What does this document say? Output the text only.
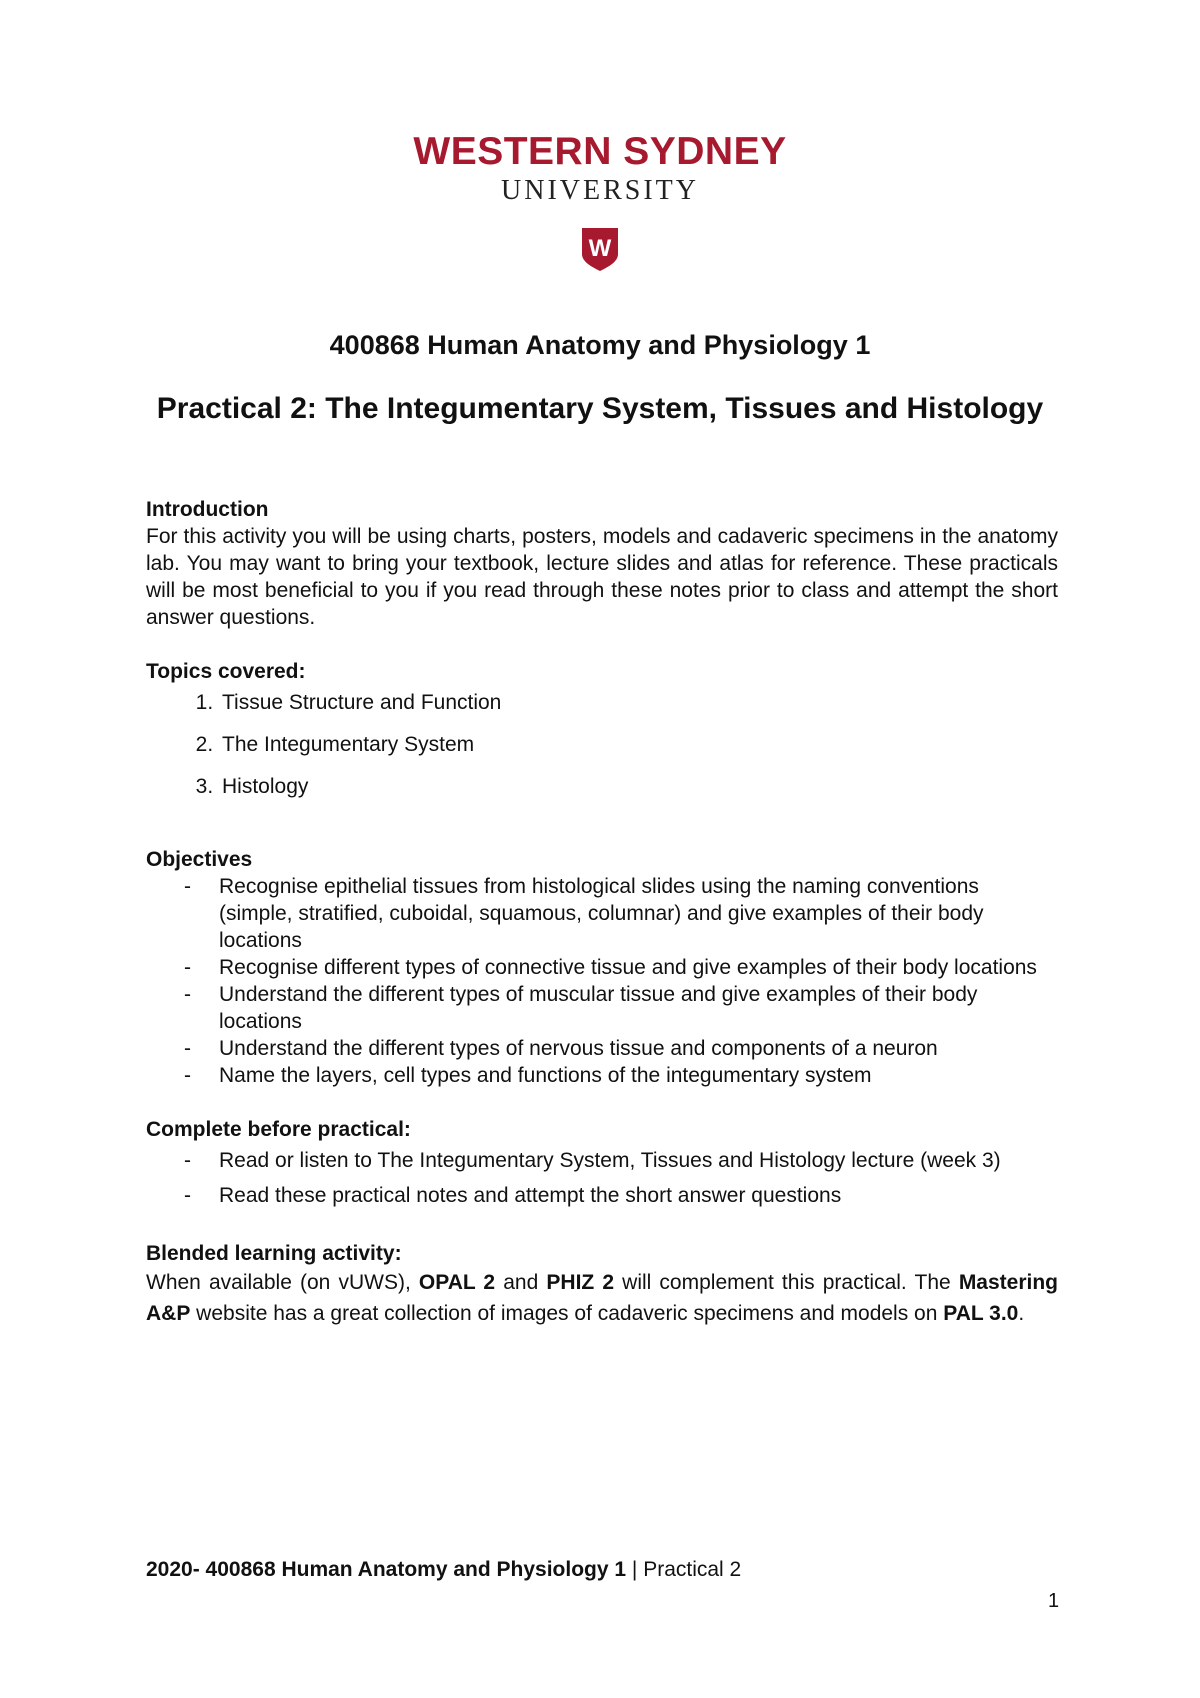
WESTERN SYDNEY
UNIVERSITY
W
400868 Human Anatomy and Physiology 1
Practical 2: The Integumentary System, Tissues and Histology
Introduction
For this activity you will be using charts, posters, models and cadaveric specimens in the anatomy lab. You may want to bring your textbook, lecture slides and atlas for reference. These practicals will be most beneficial to you if you read through these notes prior to class and attempt the short answer questions.
Topics covered:
1. Tissue Structure and Function
2. The Integumentary System
3. Histology
Objectives
- Recognise epithelial tissues from histological slides using the naming conventions (simple, stratified, cuboidal, squamous, columnar) and give examples of their body locations
- Recognise different types of connective tissue and give examples of their body locations
- Understand the different types of muscular tissue and give examples of their body locations
- Understand the different types of nervous tissue and components of a neuron
- Name the layers, cell types and functions of the integumentary system
Complete before practical:
- Read or listen to The Integumentary System, Tissues and Histology lecture (week 3)
- Read these practical notes and attempt the short answer questions
Blended learning activity:
When available (on vUWS), OPAL 2 and PHIZ 2 will complement this practical. The Mastering A&P website has a great collection of images of cadaveric specimens and models on PAL 3.0.
2020- 400868 Human Anatomy and Physiology 1 | Practical 2
1
